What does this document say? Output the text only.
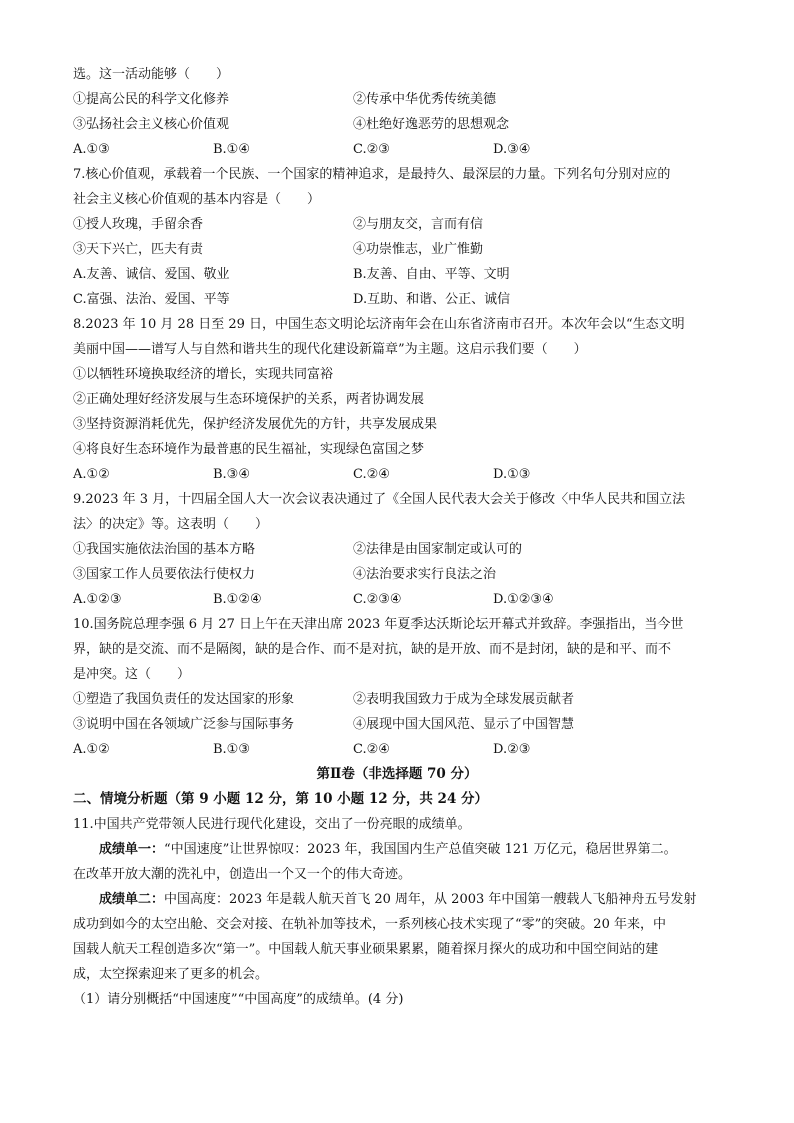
选。这一活动能够（　　）
①提高公民的科学文化修养	②传承中华优秀传统美德
③弘扬社会主义核心价值观	④杜绝好逸恶劳的思想观念
A.①③	B.①④	C.②③	D.③④
7.核心价值观，承载着一个民族、一个国家的精神追求，是最持久、最深层的力量。下列名句分别对应的
社会主义核心价值观的基本内容是（　　）
①授人玫瑰，手留余香	②与朋友交，言而有信
③天下兴亡，匹夫有责	④功崇惟志，业广惟勤
A.友善、诚信、爱国、敬业	B.友善、自由、平等、文明
C.富强、法治、爱国、平等	D.互助、和谐、公正、诚信
8.2023 年 10 月 28 日至 29 日，中国生态文明论坛济南年会在山东省济南市召开。本次年会以“生态文明
美丽中国——谱写人与自然和谐共生的现代化建设新篇章”为主题。这启示我们要（　　）
①以牺牲环境换取经济的增长，实现共同富裕
②正确处理好经济发展与生态环境保护的关系，两者协调发展
③坚持资源消耗优先，保护经济发展优先的方针，共享发展成果
④将良好生态环境作为最普惠的民生福祉，实现绿色富国之梦
A.①②	B.③④	C.②④	D.①③
9.2023 年 3 月，十四届全国人大一次会议表决通过了《全国人民代表大会关于修改〈中华人民共和国立法
法〉的决定》等。这表明（　　）
①我国实施依法治国的基本方略	②法律是由国家制定或认可的
③国家工作人员要依法行使权力	④法治要求实行良法之治
A.①②③	B.①②④	C.②③④	D.①②③④
10.国务院总理李强 6 月 27 日上午在天津出席 2023 年夏季达沃斯论坛开幕式并致辞。李强指出，当今世
界，缺的是交流、而不是隔阂，缺的是合作、而不是对抗，缺的是开放、而不是封闭，缺的是和平、而不
是冲突。这（　　）
①塑造了我国负责任的发达国家的形象	②表明我国致力于成为全球发展贡献者
③说明中国在各领域广泛参与国际事务	④展现中国大国风范、显示了中国智慧
A.①②	B.①③	C.②④	D.②③
第Ⅱ卷（非选择题 70 分）
二、情境分析题（第 9 小题 12 分，第 10 小题 12 分，共 24 分）
11.中国共产党带领人民进行现代化建设，交出了一份亮眼的成绩单。
成绩单一：“中国速度”让世界惊叹：2023 年，我国国内生产总值突破 121 万亿元，稳居世界第二。
在改革开放大潮的洗礼中，创造出一个又一个的伟大奇迹。
成绩单二：中国高度：2023 年是载人航天首飞 20 周年，从 2003 年中国第一艘载人飞船神舟五号发射
成功到如今的太空出舱、交会对接、在轨补加等技术，一系列核心技术实现了“零”的突破。20 年来，中
国载人航天工程创造多次“第一”。中国载人航天事业硕果累累，随着探月探火的成功和中国空间站的建
成，太空探索迎来了更多的机会。
（1）请分别概括“中国速度”“中国高度”的成绩单。(4 分)
